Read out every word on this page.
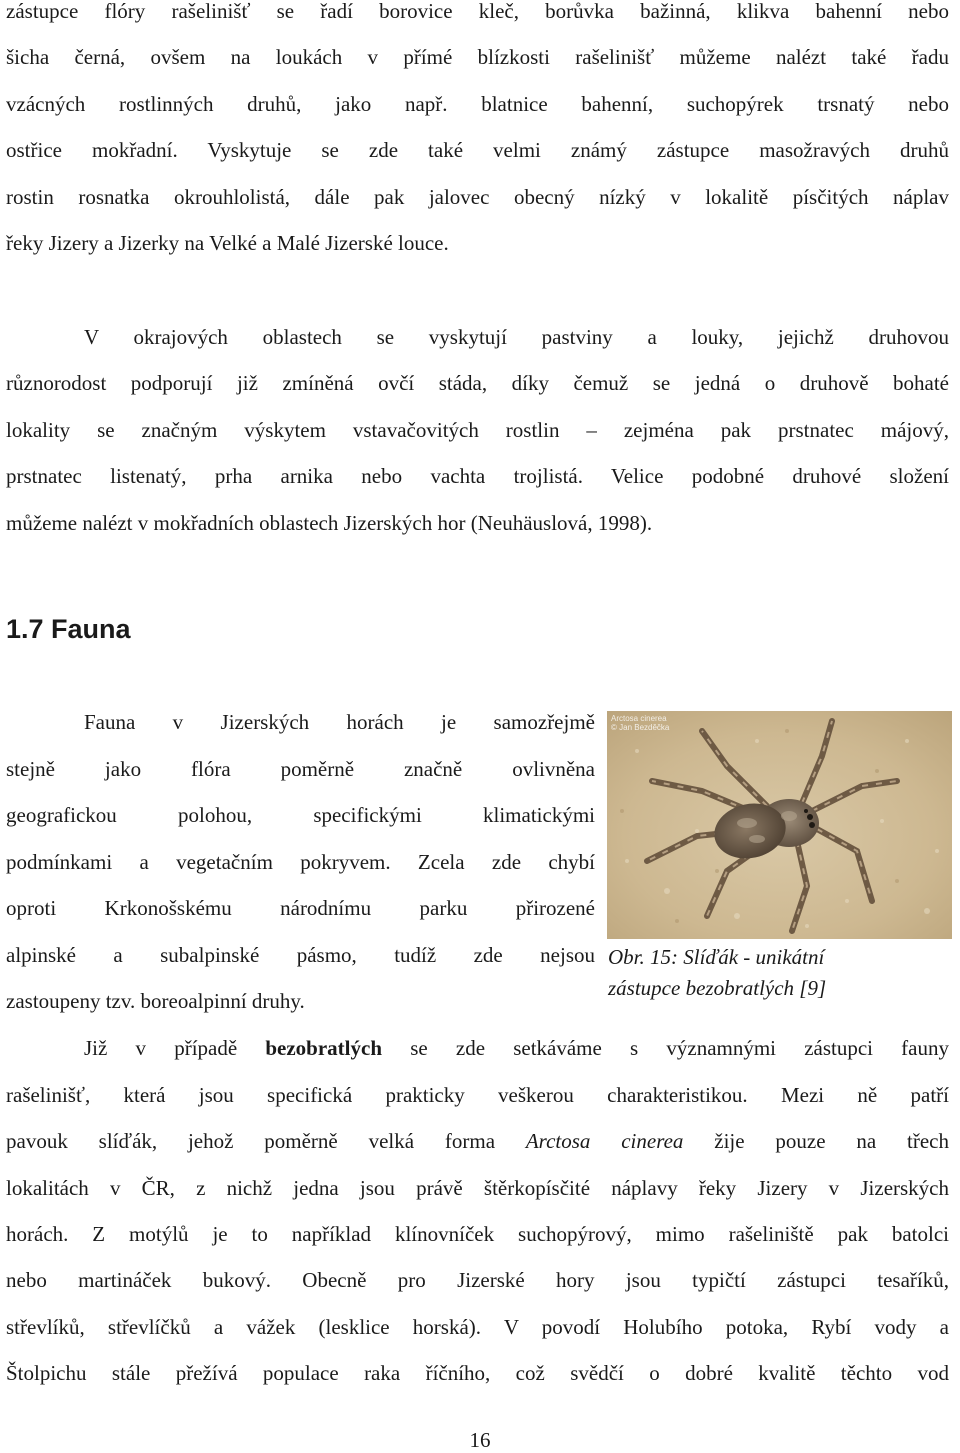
zástupce flóry rašelinišť se řadí borovice kleč, borůvka bažinná, klikva bahenní nebo
šicha černá, ovšem na loukách v přímé blízkosti rašelinišť můžeme nalézt také řadu
vzácných rostlinných druhů, jako např. blatnice bahenní, suchopýrek trsnatý nebo
ostřice mokřadní. Vyskytuje se zde také velmi známý zástupce masožravých druhů
rostin rosnatka okrouhlolistá, dále pak jalovec obecný nízký v lokalitě písčitých náplav
řeky Jizery a Jizerky na Velké a Malé Jizerské louce.
V okrajových oblastech se vyskytují pastviny a louky, jejichž druhovou
různorodost podporují již zmíněná ovčí stáda, díky čemuž se jedná o druhově bohaté
lokality se značným výskytem vstavačovitých rostlin – zejména pak prstnatec májový,
prstnatec listenatý, prha arnika nebo vachta trojlistá. Velice podobné druhové složení
můžeme nalézt v mokřadních oblastech Jizerských hor (Neuhäuslová, 1998).
1.7 Fauna
Fauna v Jizerských horách je samozřejmě
stejně jako flóra poměrně značně ovlivněna
geografickou polohou, specifickými klimatickými
podmínkami a vegetačním pokryvem. Zcela zde chybí
oproti Krkonošskému národnímu parku přirozené
alpinské a subalpinské pásmo, tudíž zde nejsou
zastoupeny tzv. boreoalpinní druhy.
Arctosa cinerea
© Jan Bezděčka
Obr. 15: Slíďák - unikátní
zástupce bezobratlých [9]
Již v případě bezobratlých se zde setkáváme s významnými zástupci fauny
rašelinišť, která jsou specifická prakticky veškerou charakteristikou. Mezi ně patří
pavouk slíďák, jehož poměrně velká forma Arctosa cinerea žije pouze na třech
lokalitách v ČR, z nichž jedna jsou právě štěrkopísčité náplavy řeky Jizery v Jizerských
horách. Z motýlů je to například klínovníček suchopýrový, mimo rašeliniště pak batolci
nebo martináček bukový. Obecně pro Jizerské hory jsou typičtí zástupci tesaříků,
střevlíků, střevlíčků a vážek (lesklice horská). V povodí Holubího potoka, Rybí vody a
Štolpichu stále přežívá populace raka říčního, což svědčí o dobré kvalitě těchto vod
16
